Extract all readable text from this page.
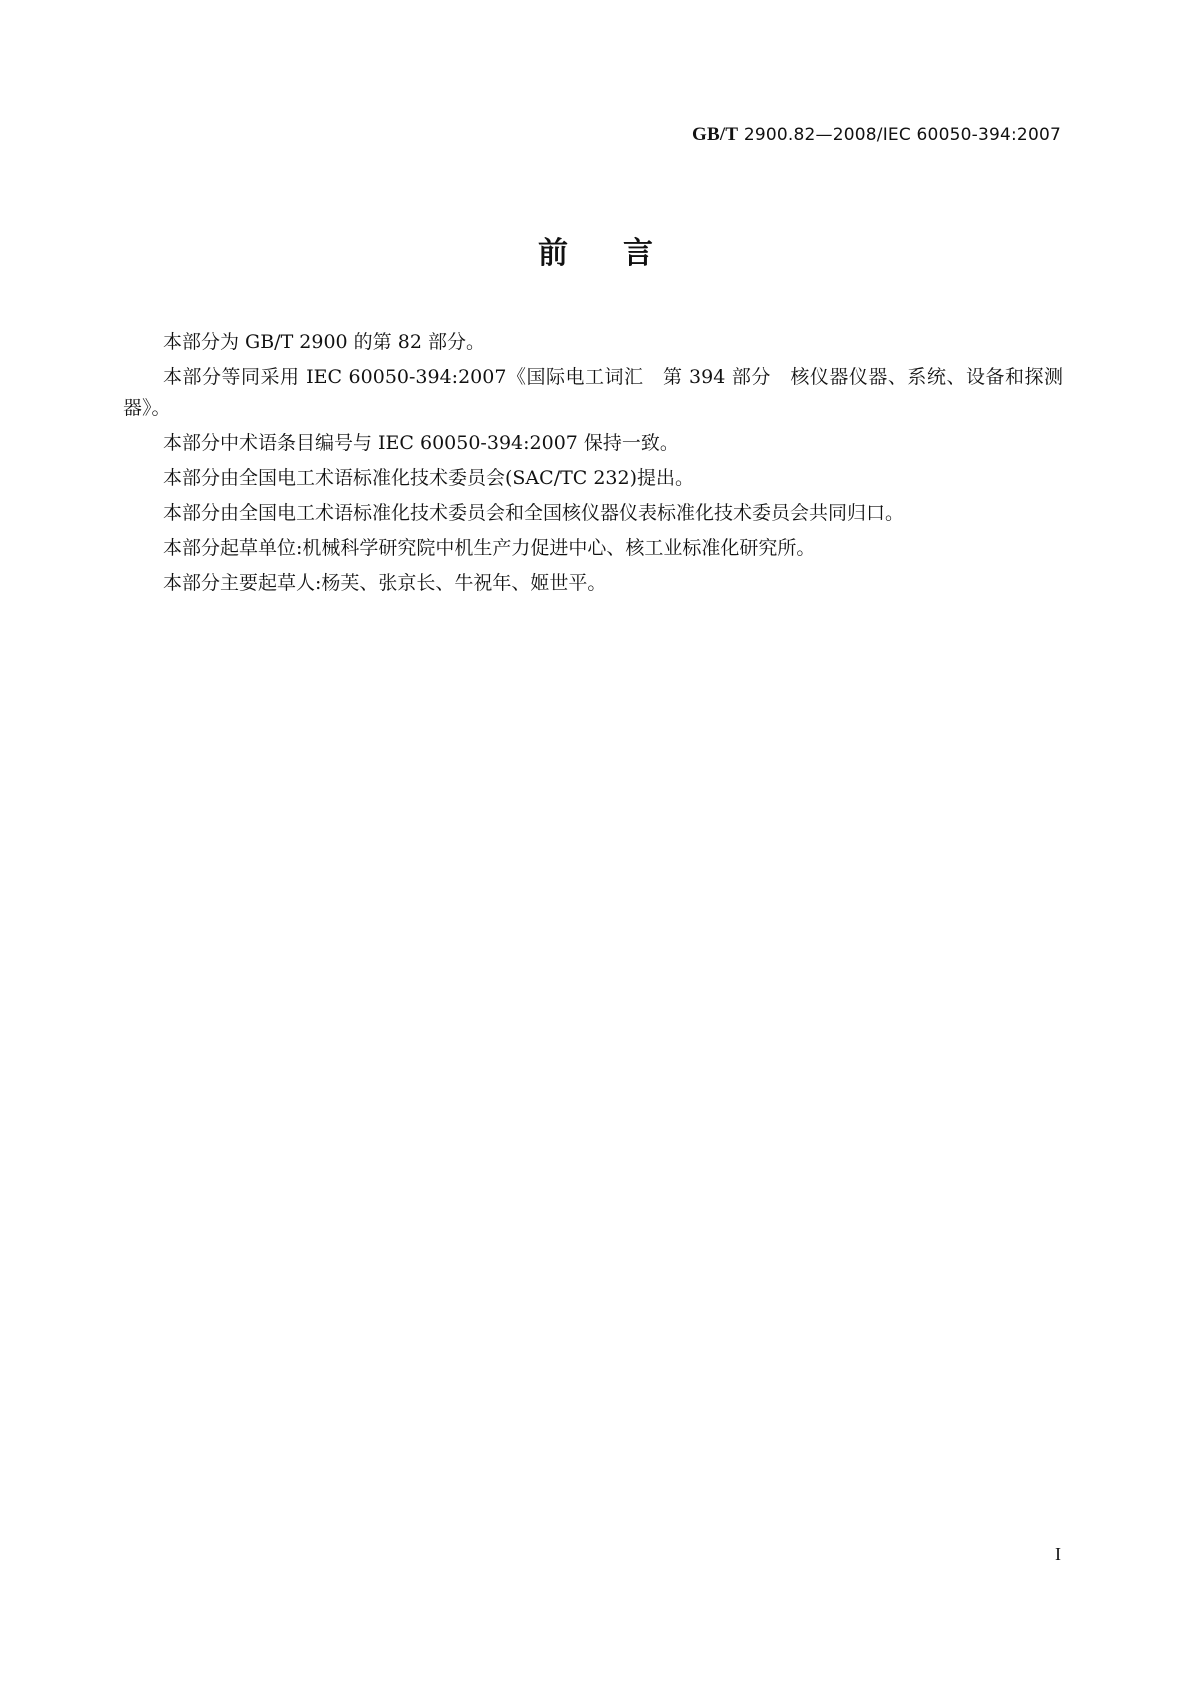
GB/T 2900.82—2008/IEC 60050-394:2007
前言

本部分为 GB/T 2900 的第 82 部分。

本部分等同采用 IEC 60050-394:2007《国际电工词汇　第 394 部分　核仪器仪器、系统、设备和探测器》。

本部分中术语条目编号与 IEC 60050-394:2007 保持一致。

本部分由全国电工术语标准化技术委员会(SAC/TC 232)提出。

本部分由全国电工术语标准化技术委员会和全国核仪器仪表标准化技术委员会共同归口。

本部分起草单位:机械科学研究院中机生产力促进中心、核工业标准化研究所。

本部分主要起草人:杨芙、张京长、牛祝年、姬世平。

I
